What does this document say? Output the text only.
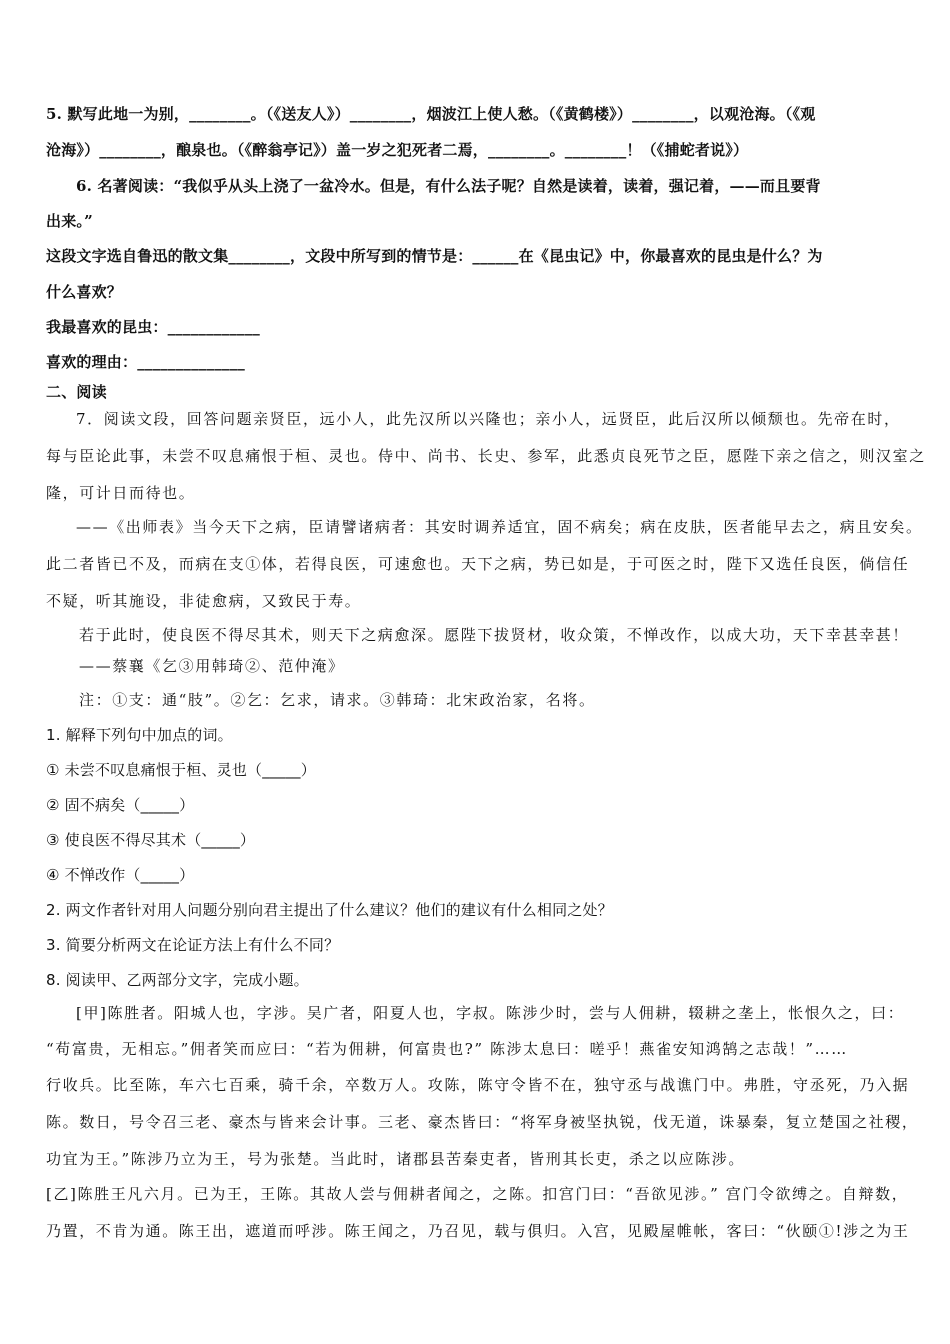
5. 默写此地一为别，________。（《送友人》）________，烟波江上使人愁。（《黄鹤楼》）________，以观沧海。（《观
沧海》）________，酿泉也。（《醉翁亭记》）盖一岁之犯死者二焉，________。________！（《捕蛇者说》）
6. 名著阅读：“我似乎从头上浇了一盆冷水。但是，有什么法子呢？自然是读着，读着，强记着，——而且要背
出来。”
这段文字选自鲁迅的散文集________，文段中所写到的情节是：______在《昆虫记》中，你最喜欢的昆虫是什么？为
什么喜欢？
我最喜欢的昆虫：____________
喜欢的理由：______________
二、阅读
7．阅读文段，回答问题亲贤臣，远小人，此先汉所以兴隆也；亲小人，远贤臣，此后汉所以倾颓也。先帝在时，
每与臣论此事，未尝不叹息痛恨于桓、灵也。侍中、尚书、长史、参军，此悉贞良死节之臣，愿陛下亲之信之，则汉室之
隆，可计日而待也。
——《出师表》当今天下之病，臣请譬诸病者：其安时调养适宜，固不病矣；病在皮肤，医者能早去之，病且安矣。
此二者皆已不及，而病在支①体，若得良医，可速愈也。天下之病，势已如是，于可医之时，陛下又选任良医，倘信任
不疑，听其施设，非徒愈病，又致民于寿。
若于此时，使良医不得尽其术，则天下之病愈深。愿陛下拔贤材，收众策，不惮改作，以成大功，天下幸甚幸甚！
——蔡襄《乞③用韩琦②、范仲淹》
注：①支：通“肢”。②乞：乞求，请求。③韩琦：北宋政治家，名将。
1. 解释下列句中加点的词。
① 未尝不叹息痛恨于桓、灵也（_____）
② 固不病矣（_____）
③ 使良医不得尽其术（_____）
④ 不惮改作（_____）
2. 两文作者针对用人问题分别向君主提出了什么建议？他们的建议有什么相同之处？
3. 简要分析两文在论证方法上有什么不同？
8. 阅读甲、乙两部分文字，完成小题。
[甲]陈胜者。阳城人也，字涉。吴广者，阳夏人也，字叔。陈涉少时，尝与人佣耕，辍耕之垄上，怅恨久之，曰：
“苟富贵，无相忘。”佣者笑而应曰：“若为佣耕，何富贵也?” 陈涉太息曰：嗟乎！燕雀安知鸿鹄之志哉！”……
行收兵。比至陈，车六七百乘，骑千余，卒数万人。攻陈，陈守令皆不在，独守丞与战谯门中。弗胜，守丞死，乃入据
陈。数日，号令召三老、豪杰与皆来会计事。三老、豪杰皆曰：“将军身被坚执锐，伐无道，诛暴秦，复立楚国之社稷，
功宜为王。”陈涉乃立为王，号为张楚。当此时，诸郡县苦秦吏者，皆刑其长吏，杀之以应陈涉。
[乙]陈胜王凡六月。已为王，王陈。其故人尝与佣耕者闻之，之陈。扣宫门曰：“吾欲见涉。” 宫门令欲缚之。自辩数，
乃置，不肯为通。陈王出，遮道而呼涉。陈王闻之，乃召见，载与俱归。入宫，见殿屋帷帐，客曰：“伙颐①!涉之为王
